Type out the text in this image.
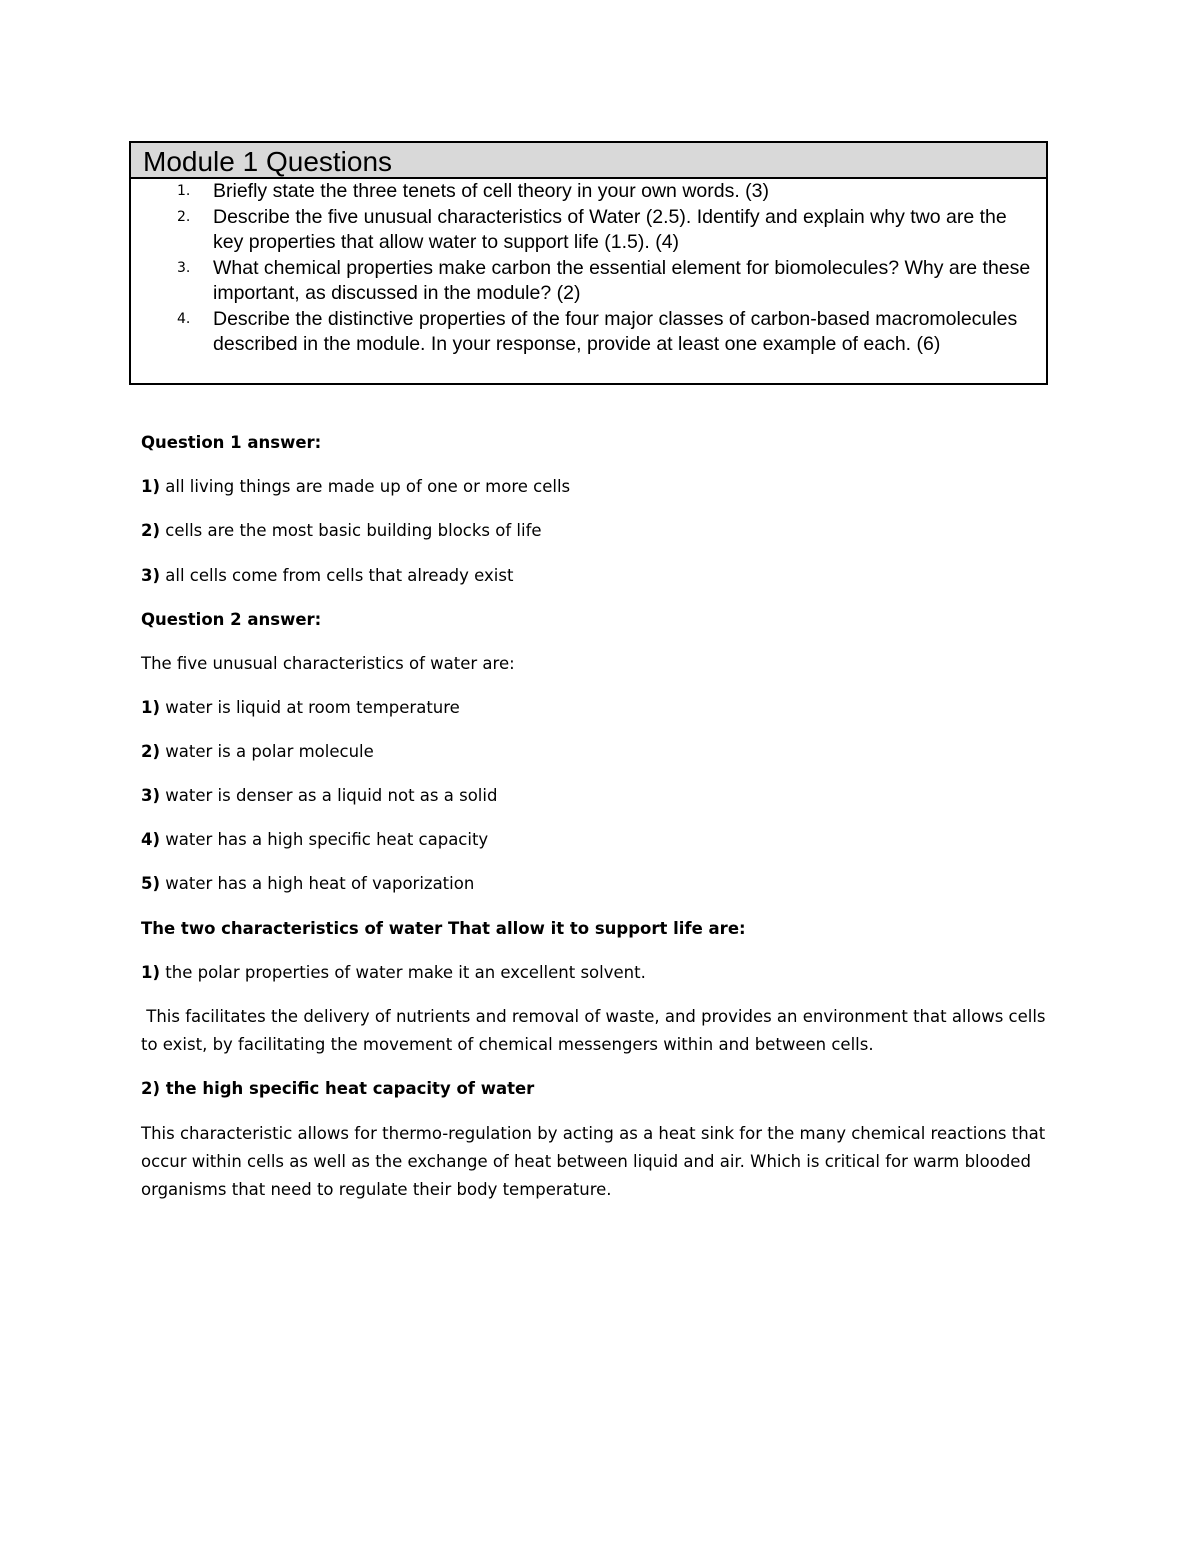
Module 1 Questions
1. Briefly state the three tenets of cell theory in your own words. (3)
2. Describe the five unusual characteristics of Water (2.5). Identify and explain why two are the key properties that allow water to support life (1.5). (4)
3. What chemical properties make carbon the essential element for biomolecules? Why are these important, as discussed in the module? (2)
4. Describe the distinctive properties of the four major classes of carbon-based macromolecules described in the module. In your response, provide at least one example of each. (6)

Question 1 answer:

1) all living things are made up of one or more cells

2) cells are the most basic building blocks of life

3) all cells come from cells that already exist

Question 2 answer:

The five unusual characteristics of water are:

1) water is liquid at room temperature

2) water is a polar molecule

3) water is denser as a liquid not as a solid

4) water has a high specific heat capacity

5) water has a high heat of vaporization

The two characteristics of water That allow it to support life are:

1) the polar properties of water make it an excellent solvent.

This facilitates the delivery of nutrients and removal of waste, and provides an environment that allows cells to exist, by facilitating the movement of chemical messengers within and between cells.

2) the high specific heat capacity of water

This characteristic allows for thermo-regulation by acting as a heat sink for the many chemical reactions that occur within cells as well as the exchange of heat between liquid and air. Which is critical for warm blooded organisms that need to regulate their body temperature.
